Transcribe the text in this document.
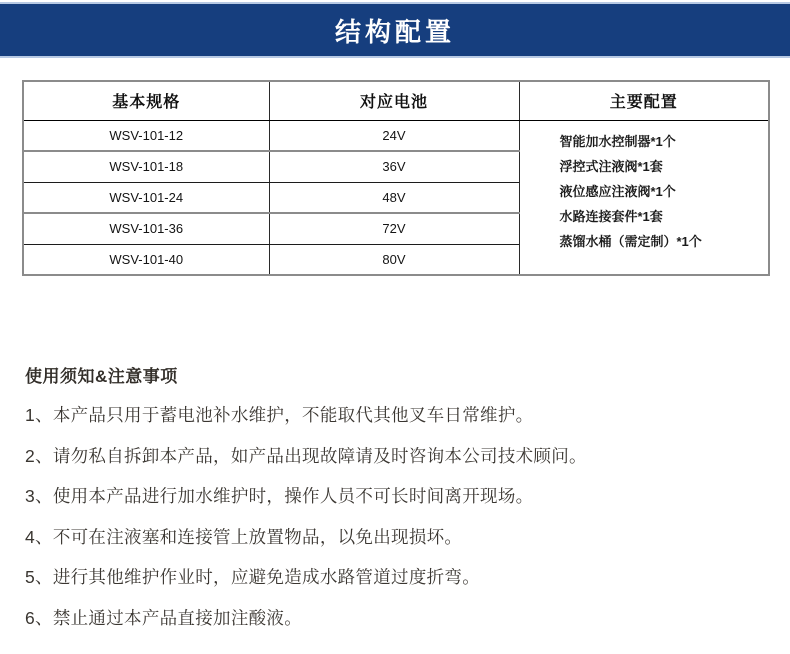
结构配置
基本规格	对应电池	主要配置
WSV-101-12	24V	智能加水控制器*1个
浮控式注液阀*1套
液位感应注液阀*1个
水路连接套件*1套
蒸馏水桶（需定制）*1个

WSV-101-18	36V	
WSV-101-24	48V	
WSV-101-36	72V	
WSV-101-40	80V	
使用须知&注意事项
1、本产品只用于蓄电池补水维护，不能取代其他叉车日常维护。
2、请勿私自拆卸本产品，如产品出现故障请及时咨询本公司技术顾问。
3、使用本产品进行加水维护时，操作人员不可长时间离开现场。
4、不可在注液塞和连接管上放置物品，以免出现损坏。
5、进行其他维护作业时，应避免造成水路管道过度折弯。
6、禁止通过本产品直接加注酸液。
